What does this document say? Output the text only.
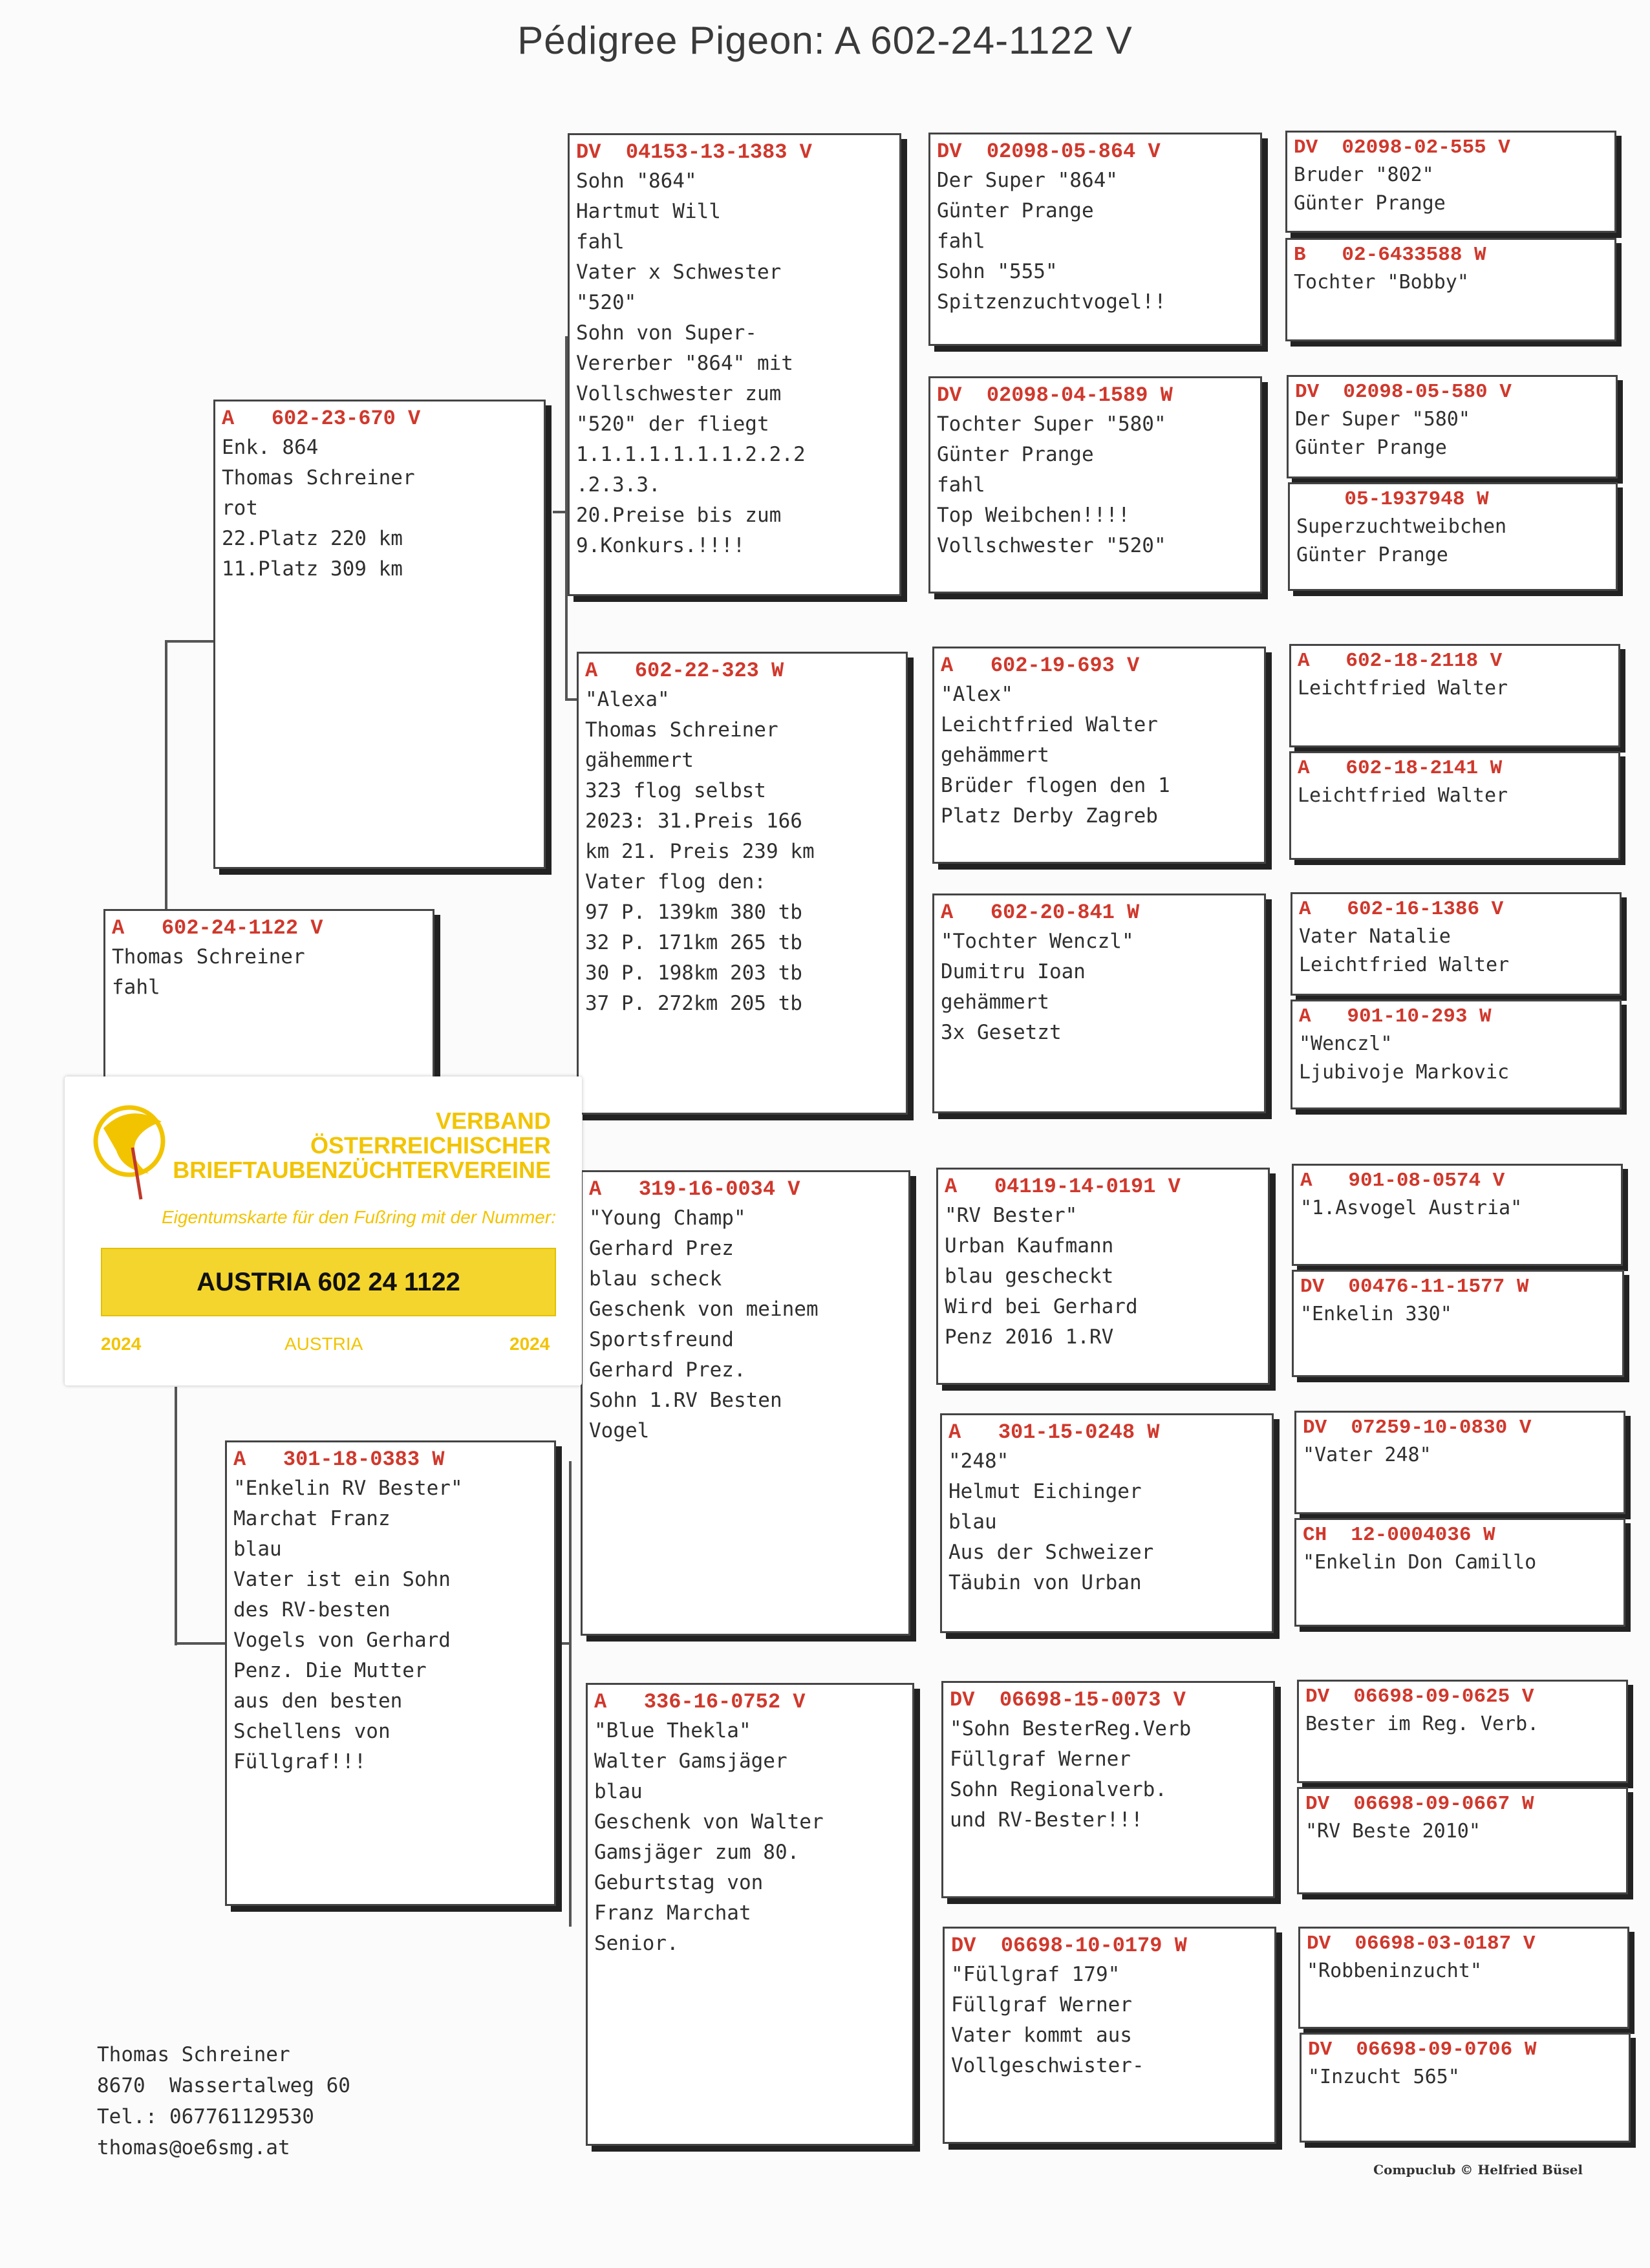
Pédigree Pigeon: A 602-24-1122 V
A   602-24-1122 V
Thomas Schreiner
fahl
A   602-23-670 V
Enk. 864
Thomas Schreiner
rot
22.Platz 220 km
11.Platz 309 km
A   301-18-0383 W
"Enkelin RV Bester"
Marchat Franz
blau
Vater ist ein Sohn
des RV-besten
Vogels von Gerhard
Penz. Die Mutter
aus den besten
Schellens von
Füllgraf!!!
DV  04153-13-1383 V
Sohn "864"
Hartmut Will
fahl
Vater x Schwester
"520"
Sohn von Super-
Vererber "864" mit
Vollschwester zum
"520" der fliegt
1.1.1.1.1.1.1.2.2.2
.2.3.3.
20.Preise bis zum
9.Konkurs.!!!!
A   602-22-323 W
"Alexa"
Thomas Schreiner
gähemmert
323 flog selbst
2023: 31.Preis 166
km 21. Preis 239 km
Vater flog den:
97 P. 139km 380 tb
32 P. 171km 265 tb
30 P. 198km 203 tb
37 P. 272km 205 tb
A   319-16-0034 V
"Young Champ"
Gerhard Prez
blau scheck
Geschenk von meinem
Sportsfreund
Gerhard Prez.
Sohn 1.RV Besten
Vogel
A   336-16-0752 V
"Blue Thekla"
Walter Gamsjäger
blau
Geschenk von Walter
Gamsjäger zum 80.
Geburtstag von
Franz Marchat
Senior.
DV  02098-05-864 V
Der Super "864"
Günter Prange
fahl
Sohn "555"
Spitzenzuchtvogel!!
DV  02098-04-1589 W
Tochter Super "580"
Günter Prange
fahl
Top Weibchen!!!!
Vollschwester "520"
A   602-19-693 V
"Alex"
Leichtfried Walter
gehämmert
Brüder flogen den 1
Platz Derby Zagreb
A   602-20-841 W
"Tochter Wenczl"
Dumitru Ioan
gehämmert
3x Gesetzt
A   04119-14-0191 V
"RV Bester"
Urban Kaufmann
blau gescheckt
Wird bei Gerhard
Penz 2016 1.RV
A   301-15-0248 W
"248"
Helmut Eichinger
blau
Aus der Schweizer
Täubin von Urban
DV  06698-15-0073 V
"Sohn BesterReg.Verb
Füllgraf Werner
Sohn Regionalverb.
und RV-Bester!!!
DV  06698-10-0179 W
"Füllgraf 179"
Füllgraf Werner
Vater kommt aus
Vollgeschwister-
DV  02098-02-555 V
Bruder "802"
Günter Prange
B   02-6433588 W
Tochter "Bobby"
DV  02098-05-580 V
Der Super "580"
Günter Prange
05-1937948 W
Superzuchtweibchen
Günter Prange
A   602-18-2118 V
Leichtfried Walter
A   602-18-2141 W
Leichtfried Walter
A   602-16-1386 V
Vater Natalie
Leichtfried Walter
A   901-10-293 W
"Wenczl"
Ljubivoje Markovic
A   901-08-0574 V
"1.Asvogel Austria"
DV  00476-11-1577 W
"Enkelin 330"
DV  07259-10-0830 V
"Vater 248"
CH  12-0004036 W
"Enkelin Don Camillo
DV  06698-09-0625 V
Bester im Reg. Verb.
DV  06698-09-0667 W
"RV Beste 2010"
DV  06698-03-0187 V
"Robbeninzucht"
DV  06698-09-0706 W
"Inzucht 565"
VERBAND
ÖSTERREICHISCHER
BRIEFTAUBENZÜCHTERVEREINE
Eigentumskarte für den Fußring mit der Nummer:
AUSTRIA 602 24 1122
2024	AUSTRIA	2024
Thomas Schreiner
8670  Wassertalweg 60
Tel.: 067761129530
thomas@oe6smg.at
Compuclub © Helfried Büsel
